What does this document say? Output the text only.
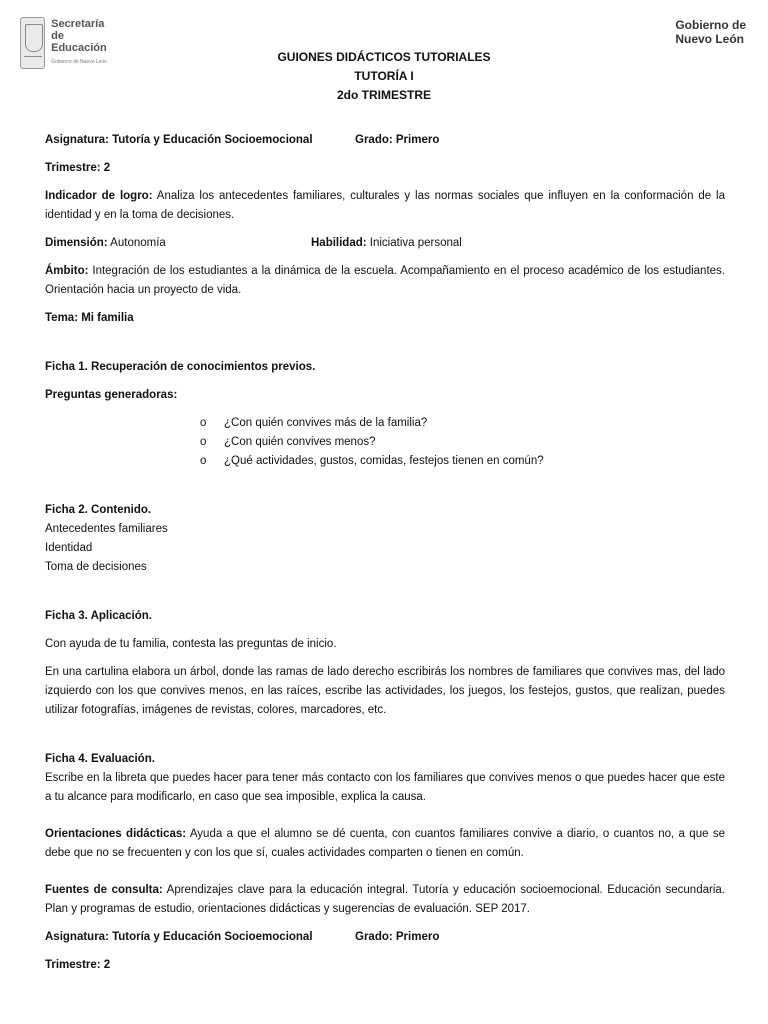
Secretaría
de Educación
Gobierno de Nuevo León
Gobierno de
Nuevo León
GUIONES DIDÁCTICOS TUTORIALES
TUTORÍA I
2do TRIMESTRE
Asignatura: Tutoría y Educación Socioemocional	Grado: Primero
Trimestre: 2
Indicador de logro: Analiza los antecedentes familiares, culturales y las normas sociales que influyen en la conformación de la identidad y en la toma de decisiones.
Dimensión: Autonomía	Habilidad: Iniciativa personal
Ámbito: Integración de los estudiantes a la dinámica de la escuela. Acompañamiento en el proceso académico de los estudiantes. Orientación hacia un proyecto de vida.
Tema: Mi familia
Ficha 1. Recuperación de conocimientos previos.
Preguntas generadoras:
o	¿Con quién convives más de la familia?
o	¿Con quién convives menos?
o	¿Qué actividades, gustos, comidas, festejos tienen en común?
Ficha 2. Contenido.
Antecedentes familiares
Identidad
Toma de decisiones
Ficha 3. Aplicación.
Con ayuda de tu familia, contesta las preguntas de inicio.
En una cartulina elabora un árbol, donde las ramas de lado derecho escribirás los nombres de familiares que convives mas, del lado izquierdo con los que convives menos, en las raíces, escribe las actividades, los juegos, los festejos, gustos, que realizan, puedes utilizar fotografías, imágenes de revistas, colores, marcadores, etc.
Ficha 4. Evaluación.
Escribe en la libreta que puedes hacer para tener más contacto con los familiares que convives menos o que puedes hacer que este a tu alcance para modificarlo, en caso que sea imposible, explica la causa.
Orientaciones didácticas: Ayuda a que el alumno se dé cuenta, con cuantos familiares convive a diario, o cuantos no, a que se debe que no se frecuenten y con los que sí, cuales actividades comparten o tienen en común.
Fuentes de consulta: Aprendizajes clave para la educación integral. Tutoría y educación socioemocional. Educación secundaria. Plan y programas de estudio, orientaciones didácticas y sugerencias de evaluación. SEP 2017.
Asignatura: Tutoría y Educación Socioemocional	Grado: Primero
Trimestre: 2
